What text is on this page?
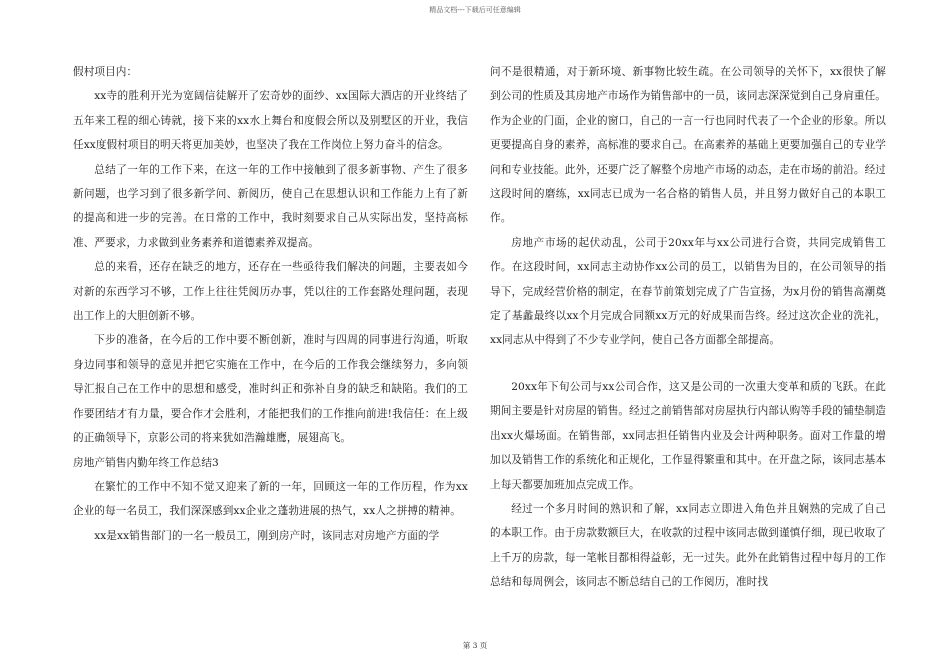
精品文档---下载后可任意编辑

假村项目内：

xx寺的胜利开光为宽阔信徒解开了宏奇妙的面纱、xx国际大酒店的开业终结了五年来工程的细心铸就，接下来的xx水上舞台和度假会所以及别墅区的开业，我信任xx度假村项目的明天将更加美妙，也坚决了我在工作岗位上努力奋斗的信念。

总结了一年的工作下来，在这一年的工作中接触到了很多新事物、产生了很多新问题，也学习到了很多新学问、新阅历，使自己在思想认识和工作能力上有了新的提高和进一步的完善。在日常的工作中，我时刻要求自己从实际出发，坚持高标准、严要求，力求做到业务素养和道德素养双提高。

总的来看，还存在缺乏的地方，还存在一些亟待我们解决的问题，主要表如今对新的东西学习不够，工作上往往凭阅历办事，凭以往的工作套路处理问题，表现出工作上的大胆创新不够。

下步的准备，在今后的工作中要不断创新，准时与四周的同事进行沟通，听取身边同事和领导的意见并把它实施在工作中，在今后的工作我会继续努力，多向领导汇报自己在工作中的思想和感受，准时纠正和弥补自身的缺乏和缺陷。我们的工作要团结才有力量，要合作才会胜利，才能把我们的工作推向前进!我信任：在上级的正确领导下，京影公司的将来犹如浩瀚雄鹰，展翅高飞。

房地产销售内勤年终工作总结3

在繁忙的工作中不知不觉又迎来了新的一年，回顾这一年的工作历程，作为xx企业的每一名员工，我们深深感到xx企业之蓬勃进展的热气，xx人之拼搏的精神。

xx是xx销售部门的一名一般员工，刚到房产时，该同志对房地产方面的学

问不是很精通，对于新环境、新事物比较生疏。在公司领导的关怀下，xx很快了解到公司的性质及其房地产市场作为销售部中的一员，该同志深深觉到自己身肩重任。作为企业的门面，企业的窗口，自己的一言一行也同时代表了一个企业的形象。所以更要提高自身的素养，高标准的要求自己。在高素养的基础上更要加强自己的专业学问和专业技能。此外，还要广泛了解整个房地产市场的动态，走在市场的前沿。经过这段时间的磨练，xx同志已成为一名合格的销售人员，并且努力做好自己的本职工作。

房地产市场的起伏动乱，公司于20xx年与xx公司进行合资，共同完成销售工作。在这段时间，xx同志主动协作xx公司的员工，以销售为目的，在公司领导的指导下，完成经营价格的制定，在春节前策划完成了广告宣扬，为x月份的销售高潮奠定了基蠡最终以xx个月完成合同额xx万元的好成果而告终。经过这次企业的洗礼，xx同志从中得到了不少专业学问，使自己各方面都全部提高。

20xx年下旬公司与xx公司合作，这又是公司的一次重大变革和质的飞跃。在此期间主要是针对房屋的销售。经过之前销售部对房屋执行内部认购等手段的铺垫制造出xx火爆场面。在销售部，xx同志担任销售内业及会计两种职务。面对工作量的增加以及销售工作的系统化和正规化，工作显得繁重和其中。在开盘之际，该同志基本上每天都要加班加点完成工作。

经过一个多月时间的熟识和了解，xx同志立即进入角色并且娴熟的完成了自己的本职工作。由于房款数额巨大，在收款的过程中该同志做到谨慎仔细，现已收取了上千万的房款，每一笔帐目都相得益彰，无一过失。此外在此销售过程中每月的工作总结和每周例会，该同志不断总结自己的工作阅历，准时找

第 3 页
